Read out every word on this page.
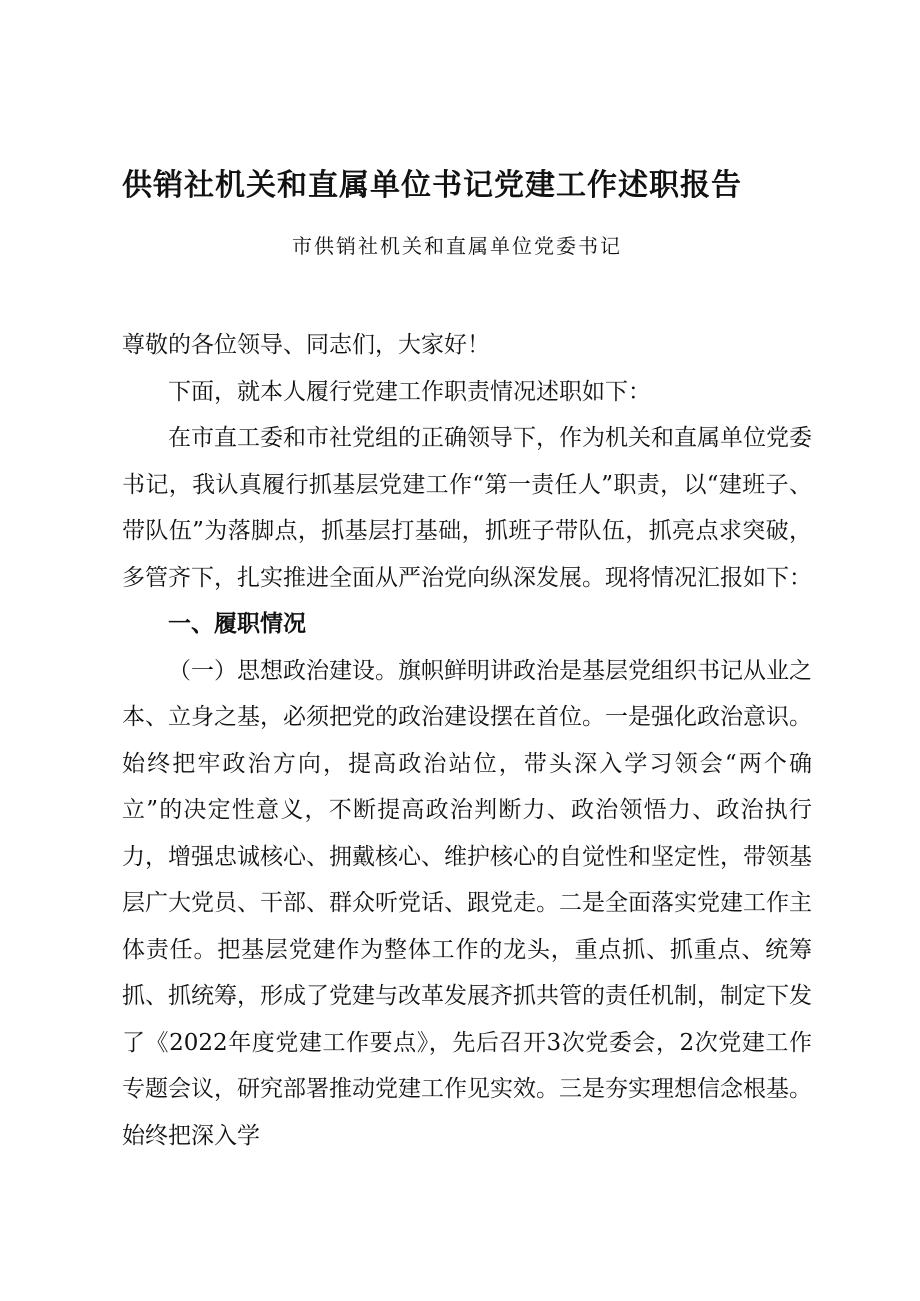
供销社机关和直属单位书记党建工作述职报告
市供销社机关和直属单位党委书记

尊敬的各位领导、同志们，大家好！

下面，就本人履行党建工作职责情况述职如下：

在市直工委和市社党组的正确领导下，作为机关和直属单位党委书记，我认真履行抓基层党建工作“第一责任人”职责，以“建班子、带队伍”为落脚点，抓基层打基础，抓班子带队伍，抓亮点求突破，多管齐下，扎实推进全面从严治党向纵深发展。现将情况汇报如下：

一、履职情况

（一）思想政治建设。旗帜鲜明讲政治是基层党组织书记从业之本、立身之基，必须把党的政治建设摆在首位。一是强化政治意识。始终把牢政治方向，提高政治站位，带头深入学习领会“两个确立”的决定性意义，不断提高政治判断力、政治领悟力、政治执行力，增强忠诚核心、拥戴核心、维护核心的自觉性和坚定性，带领基层广大党员、干部、群众听党话、跟党走。二是全面落实党建工作主体责任。把基层党建作为整体工作的龙头，重点抓、抓重点、统筹抓、抓统筹，形成了党建与改革发展齐抓共管的责任机制，制定下发了《2022年度党建工作要点》，先后召开3次党委会，2次党建工作专题会议，研究部署推动党建工作见实效。三是夯实理想信念根基。始终把深入学
